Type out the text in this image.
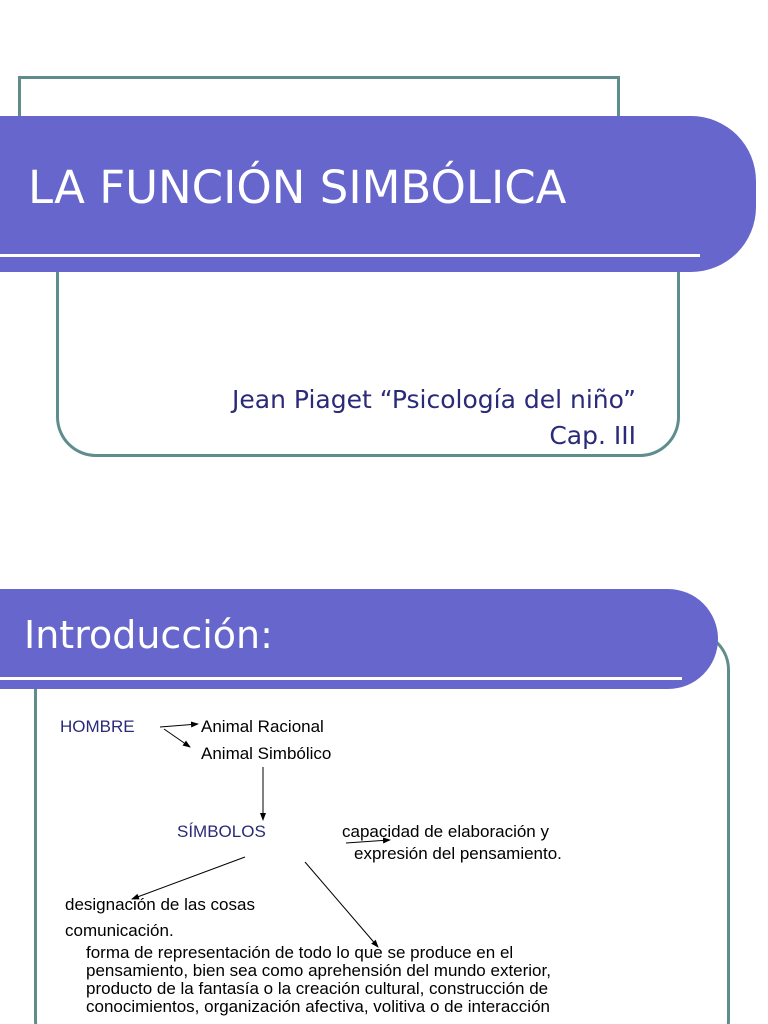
LA FUNCIÓN SIMBÓLICA
Jean Piaget “Psicología del niño”
Cap. III
Introducción:
HOMBRE	Animal Racional
Animal Simbólico
SÍMBOLOS	capacidad de elaboración y
expresión del pensamiento.
designación de las cosas
comunicación.
forma de representación de todo lo que se produce en el
pensamiento, bien sea como aprehensión del mundo exterior,
producto de la fantasía o la creación cultural, construcción de
conocimientos, organización afectiva, volitiva o de interacción
